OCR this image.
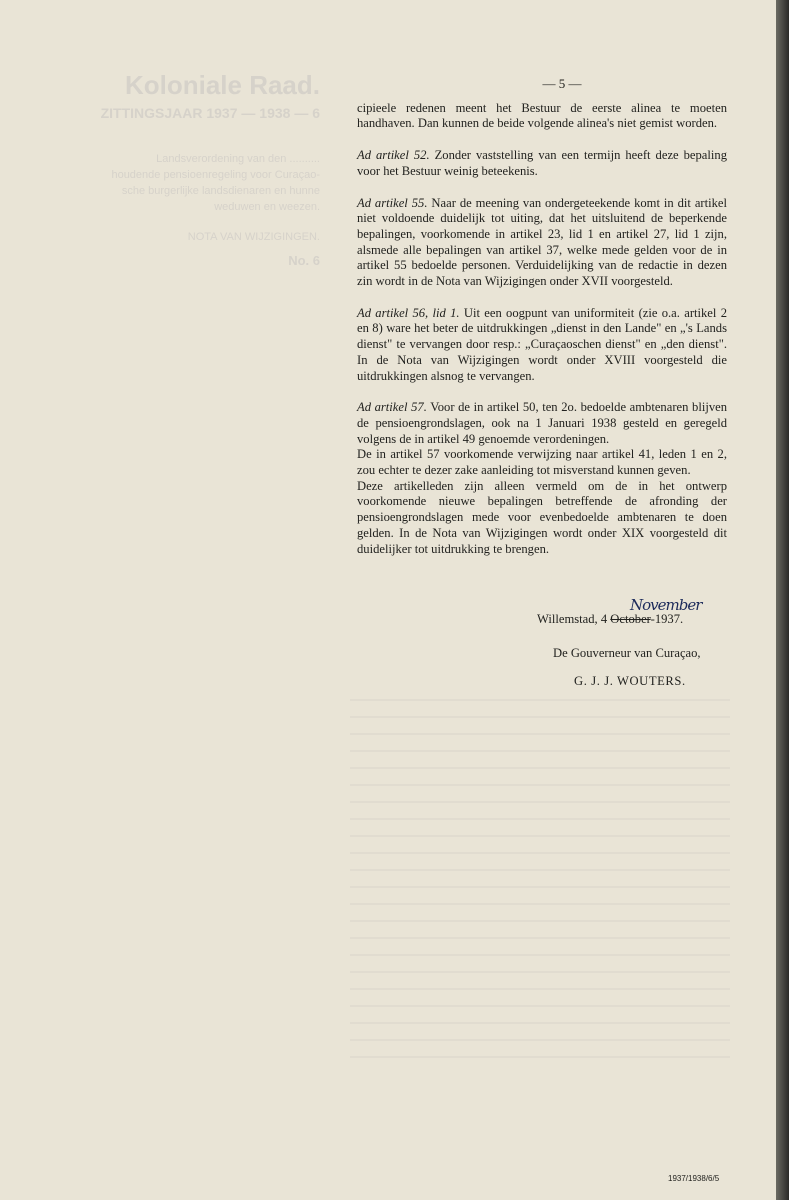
Koloniale Raad.
ZITTINGSJAAR 1937 — 1938 — 6
Landsverordening van den ..........
houdende pensioenregeling voor Curaçao-
sche burgerlijke landsdienaren en hunne
weduwen en weezen.
NOTA VAN WIJZIGINGEN.
No. 6
— 5 —

cipieele redenen meent het Bestuur de eerste alinea te moeten handhaven. Dan kunnen de beide volgende alinea's niet gemist worden.

Ad artikel 52. Zonder vaststelling van een termijn heeft deze bepaling voor het Bestuur weinig beteekenis.

Ad artikel 55. Naar de meening van ondergeteekende komt in dit artikel niet voldoende duidelijk tot uiting, dat het uitsluitend de beperkende bepalingen, voorkomende in artikel 23, lid 1 en artikel 27, lid 1 zijn, alsmede alle bepalingen van artikel 37, welke mede gelden voor de in artikel 55 bedoelde personen. Verduidelijking van de redactie in dezen zin wordt in de Nota van Wijzigingen onder XVII voorgesteld.

Ad artikel 56, lid 1. Uit een oogpunt van uniformiteit (zie o.a. artikel 2 en 8) ware het beter de uitdrukkingen „dienst in den Lande" en „'s Lands dienst" te vervangen door resp.: „Curaçaoschen dienst" en „den dienst". In de Nota van Wijzigingen wordt onder XVIII voorgesteld die uitdrukkingen alsnog te vervangen.

Ad artikel 57. Voor de in artikel 50, ten 2o. bedoelde ambtenaren blijven de pensioengrondslagen, ook na 1 Januari 1938 gesteld en geregeld volgens de in artikel 49 genoemde verordeningen.

De in artikel 57 voorkomende verwijzing naar artikel 41, leden 1 en 2, zou echter te dezer zake aanleiding tot misverstand kunnen geven.

Deze artikelleden zijn alleen vermeld om de in het ontwerp voorkomende nieuwe bepalingen betreffende de afronding der pensioengrondslagen mede voor evenbedoelde ambtenaren te doen gelden. In de Nota van Wijzigingen wordt onder XIX voorgesteld dit duidelijker tot uitdrukking te brengen.

November
Willemstad, 4 October-1937.
De Gouverneur van Curaçao,
G. J. J. WOUTERS.
1937/1938/6/5
